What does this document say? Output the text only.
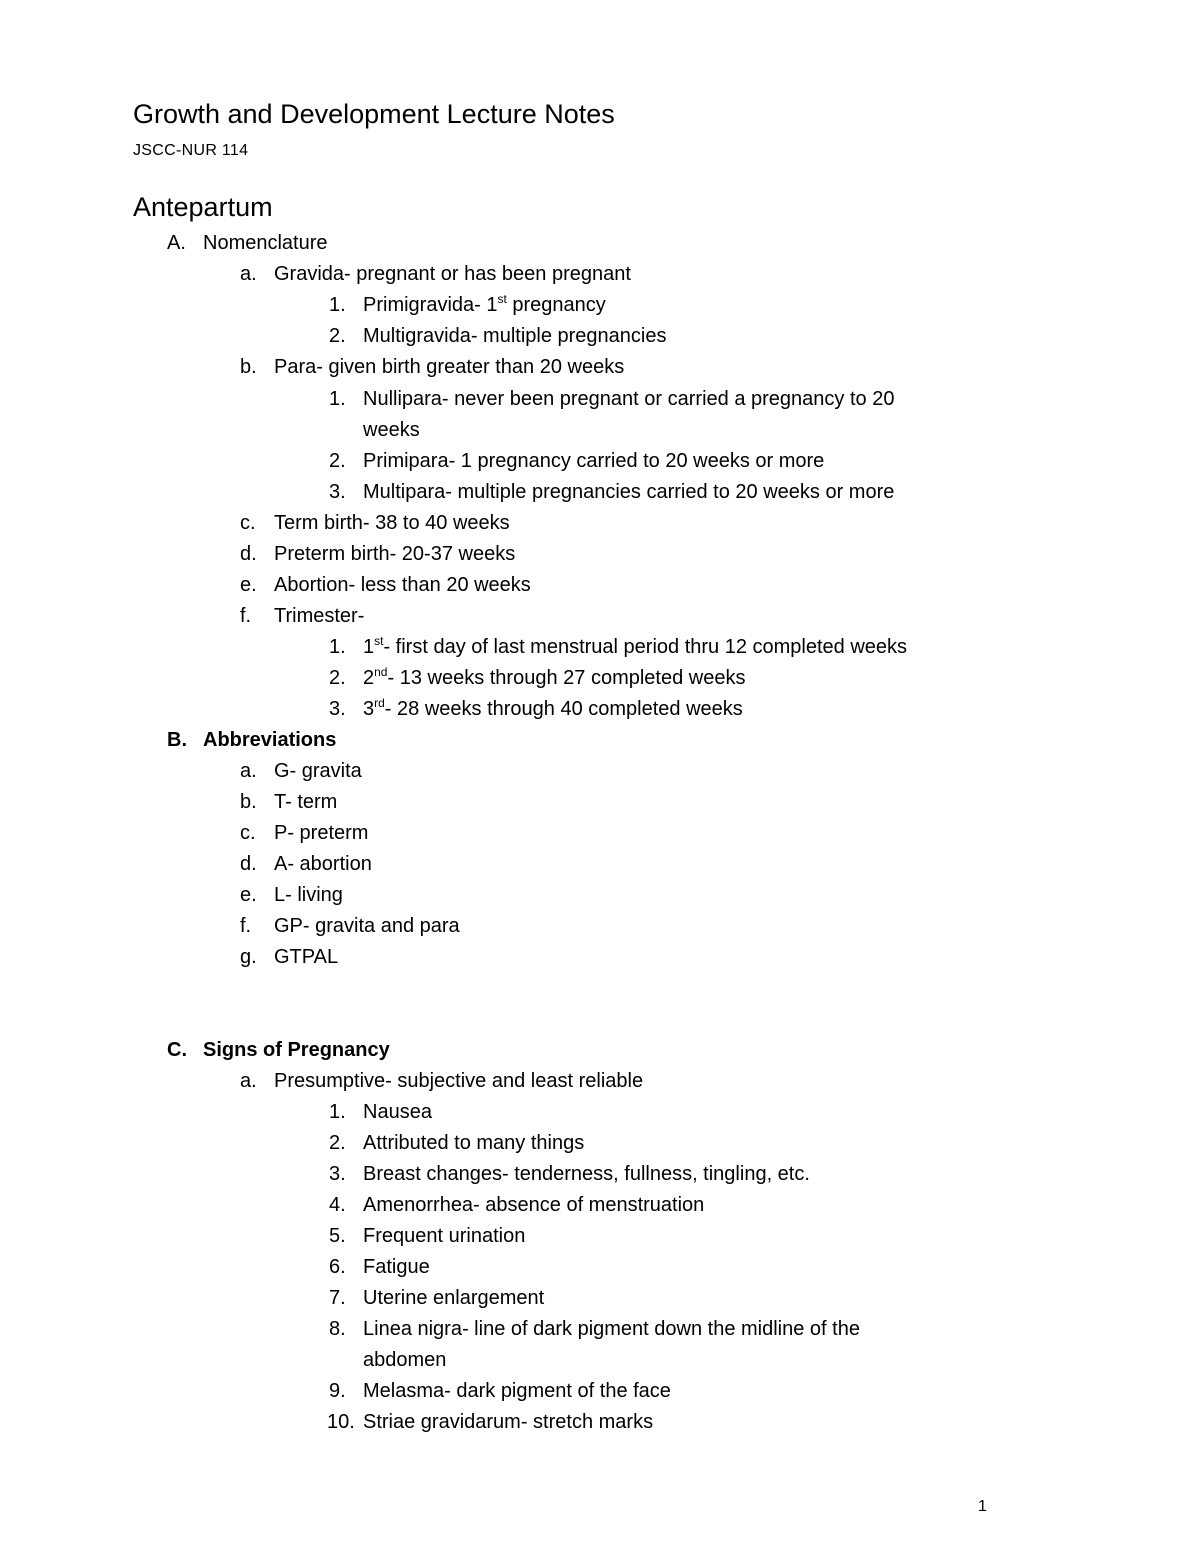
Growth and Development Lecture Notes
JSCC-NUR 114
Antepartum
A. Nomenclature
a. Gravida- pregnant or has been pregnant
1. Primigravida- 1st pregnancy
2. Multigravida- multiple pregnancies
b. Para- given birth greater than 20 weeks
1. Nullipara- never been pregnant or carried a pregnancy to 20
weeks
2. Primipara- 1 pregnancy carried to 20 weeks or more
3. Multipara- multiple pregnancies carried to 20 weeks or more
c. Term birth- 38 to 40 weeks
d. Preterm birth- 20-37 weeks
e. Abortion- less than 20 weeks
f. Trimester-
1. 1st- first day of last menstrual period thru 12 completed weeks
2. 2nd- 13 weeks through 27 completed weeks
3. 3rd- 28 weeks through 40 completed weeks
B. Abbreviations
a. G- gravita
b. T- term
c. P- preterm
d. A- abortion
e. L- living
f. GP- gravita and para
g. GTPAL
C. Signs of Pregnancy
a. Presumptive- subjective and least reliable
1. Nausea
2. Attributed to many things
3. Breast changes- tenderness, fullness, tingling, etc.
4. Amenorrhea- absence of menstruation
5. Frequent urination
6. Fatigue
7. Uterine enlargement
8. Linea nigra- line of dark pigment down the midline of the
abdomen
9. Melasma- dark pigment of the face
10. Striae gravidarum- stretch marks
1
